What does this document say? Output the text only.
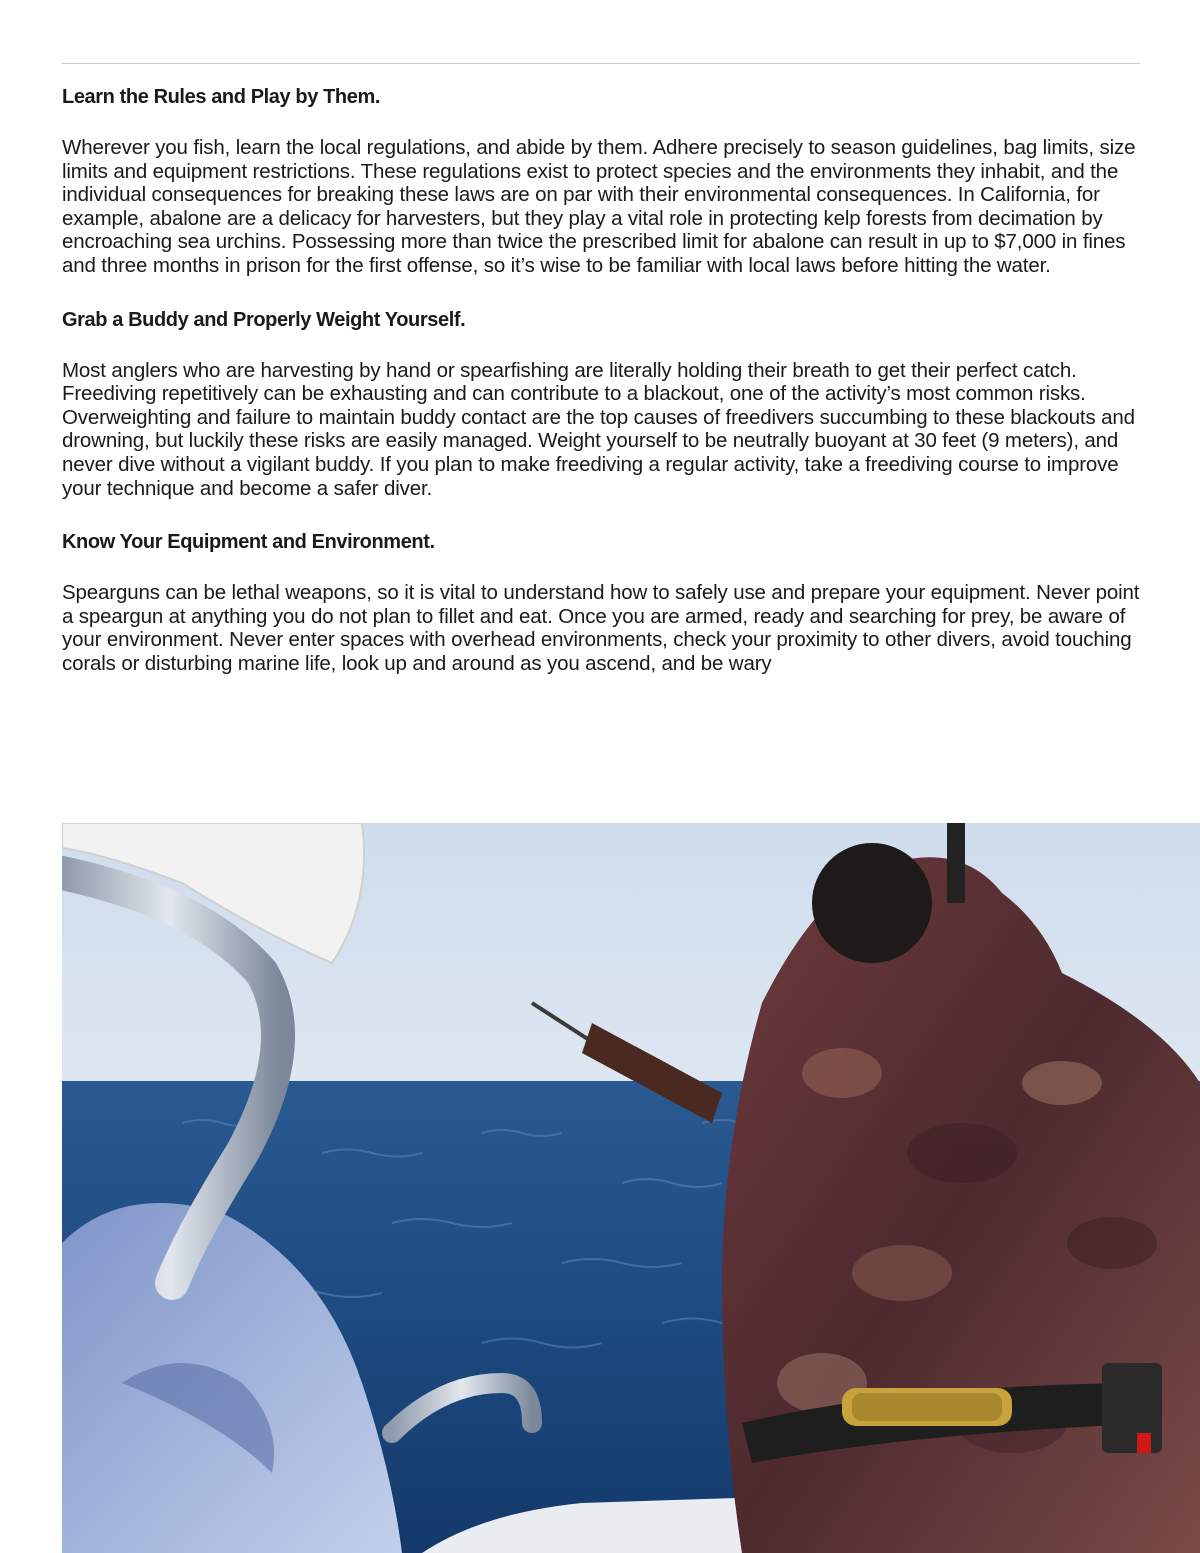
Learn the Rules and Play by Them.

Wherever you fish, learn the local regulations, and abide by them. Adhere precisely to season guidelines, bag limits, size limits and equipment restrictions. These regulations exist to protect species and the environments they inhabit, and the individual consequences for breaking these laws are on par with their environmental consequences. In California, for example, abalone are a delicacy for harvesters, but they play a vital role in protecting kelp forests from decimation by encroaching sea urchins. Possessing more than twice the prescribed limit for abalone can result in up to $7,000 in fines and three months in prison for the first offense, so it’s wise to be familiar with local laws before hitting the water.

Grab a Buddy and Properly Weight Yourself.

Most anglers who are harvesting by hand or spearfishing are literally holding their breath to get their perfect catch. Freediving repetitively can be exhausting and can contribute to a blackout, one of the activity’s most common risks. Overweighting and failure to maintain buddy contact are the top causes of freedivers succumbing to these blackouts and drowning, but luckily these risks are easily managed. Weight yourself to be neutrally buoyant at 30 feet (9 meters), and never dive without a vigilant buddy. If you plan to make freediving a regular activity, take a freediving course to improve your technique and become a safer diver.

Know Your Equipment and Environment.

Spearguns can be lethal weapons, so it is vital to understand how to safely use and prepare your equipment. Never point a speargun at anything you do not plan to fillet and eat. Once you are armed, ready and searching for prey, be aware of your environment. Never enter spaces with overhead environments, check your proximity to other divers, avoid touching corals or disturbing marine life, look up and around as you ascend, and be wary
